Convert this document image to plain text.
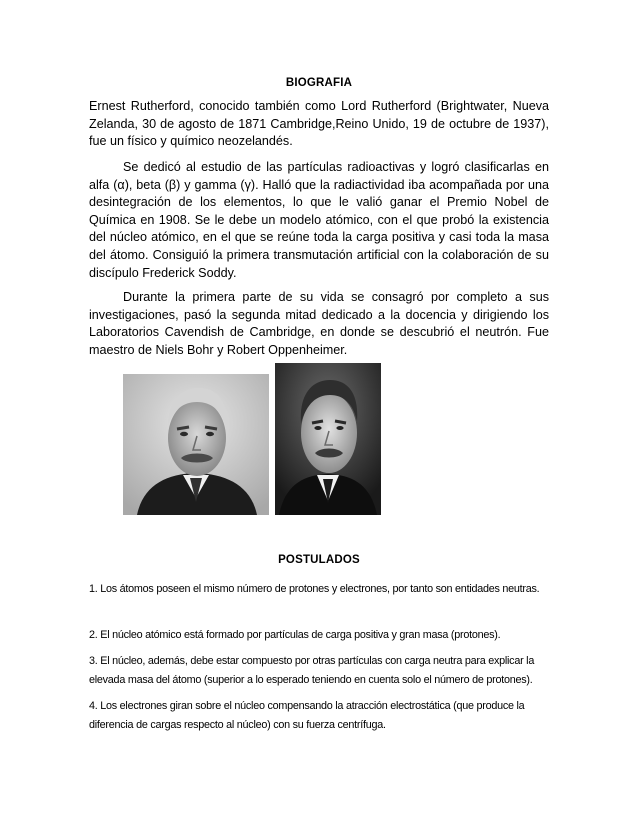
BIOGRAFIA

Ernest Rutherford, conocido también como Lord Rutherford (Brightwater, Nueva Zelanda, 30 de agosto de 1871 Cambridge,Reino Unido, 19 de octubre de 1937), fue un físico y químico neozelandés.

Se dedicó al estudio de las partículas radioactivas y logró clasificarlas en alfa (α), beta (β) y gamma (γ). Halló que la radiactividad iba acompañada por una desintegración de los elementos, lo que le valió ganar el Premio Nobel de Química en 1908. Se le debe un modelo atómico, con el que probó la existencia del núcleo atómico, en el que se reúne toda la carga positiva y casi toda la masa del átomo. Consiguió la primera transmutación artificial con la colaboración de su discípulo Frederick Soddy.

Durante la primera parte de su vida se consagró por completo a sus investigaciones, pasó la segunda mitad dedicado a la docencia y dirigiendo los Laboratorios Cavendish de Cambridge, en donde se descubrió el neutrón. Fue maestro de Niels Bohr y Robert Oppenheimer.

POSTULADOS

1. Los átomos poseen el mismo número de protones y electrones, por tanto son entidades neutras.

2. El núcleo atómico está formado por partículas de carga positiva y gran masa (protones).

3. El núcleo, además, debe estar compuesto por otras partículas con carga neutra para explicar la elevada masa del átomo (superior a lo esperado teniendo en cuenta solo el número de protones).

4. Los electrones giran sobre el núcleo compensando la atracción electrostática (que produce la diferencia de cargas respecto al núcleo) con su fuerza centrífuga.
